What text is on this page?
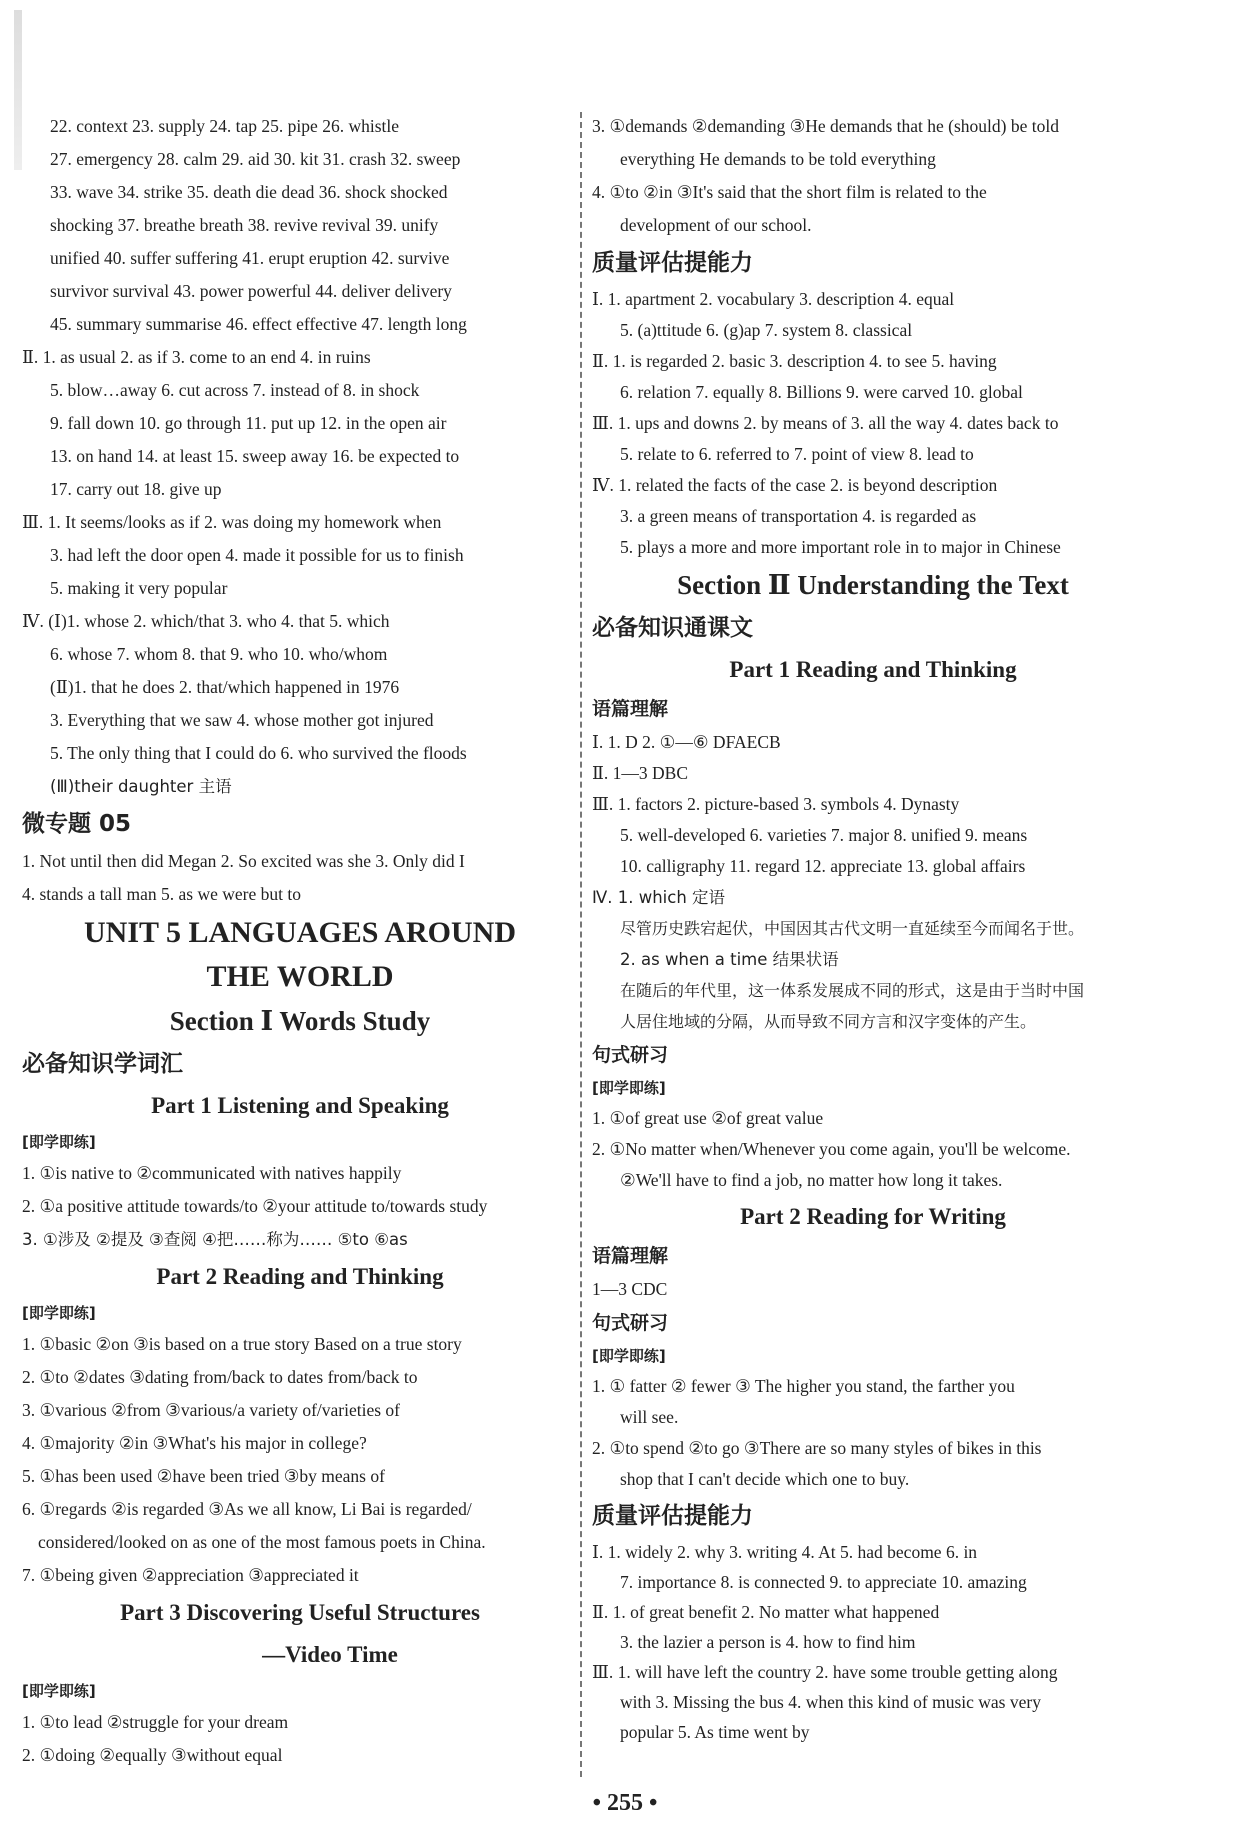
22. context 23. supply 24. tap 25. pipe 26. whistle
27. emergency 28. calm 29. aid 30. kit 31. crash 32. sweep
33. wave 34. strike 35. death die dead 36. shock shocked
shocking 37. breathe breath 38. revive revival 39. unify
unified 40. suffer suffering 41. erupt eruption 42. survive
survivor survival 43. power powerful 44. deliver delivery
45. summary summarise 46. effect effective 47. length long
Ⅱ. 1. as usual 2. as if 3. come to an end 4. in ruins
5. blow…away 6. cut across 7. instead of 8. in shock
9. fall down 10. go through 11. put up 12. in the open air
13. on hand 14. at least 15. sweep away 16. be expected to
17. carry out 18. give up
Ⅲ. 1. It seems/looks as if 2. was doing my homework when
3. had left the door open 4. made it possible for us to finish
5. making it very popular
Ⅳ. (Ⅰ)1. whose 2. which/that 3. who 4. that 5. which
6. whose 7. whom 8. that 9. who 10. who/whom
(Ⅱ)1. that he does 2. that/which happened in 1976
3. Everything that we saw 4. whose mother got injured
5. The only thing that I could do 6. who survived the floods
(Ⅲ)their daughter 主语
微专题 05
1. Not until then did Megan 2. So excited was she 3. Only did I
4. stands a tall man 5. as we were but to
UNIT 5 LANGUAGES AROUND
THE WORLD
Section Ⅰ Words Study
必备知识学词汇
Part 1 Listening and Speaking
[即学即练]
1. ①is native to ②communicated with natives happily
2. ①a positive attitude towards/to ②your attitude to/towards study
3. ①涉及 ②提及 ③查阅 ④把……称为…… ⑤to ⑥as
Part 2 Reading and Thinking
[即学即练]
1. ①basic ②on ③is based on a true story Based on a true story
2. ①to ②dates ③dating from/back to dates from/back to
3. ①various ②from ③various/a variety of/varieties of
4. ①majority ②in ③What's his major in college?
5. ①has been used ②have been tried ③by means of
6. ①regards ②is regarded ③As we all know, Li Bai is regarded/
considered/looked on as one of the most famous poets in China.
7. ①being given ②appreciation ③appreciated it
Part 3 Discovering Useful Structures
—Video Time
[即学即练]
1. ①to lead ②struggle for your dream
2. ①doing ②equally ③without equal
3. ①demands ②demanding ③He demands that he (should) be told
everything He demands to be told everything
4. ①to ②in ③It's said that the short film is related to the
development of our school.
质量评估提能力
Ⅰ. 1. apartment 2. vocabulary 3. description 4. equal
5. (a)ttitude 6. (g)ap 7. system 8. classical
Ⅱ. 1. is regarded 2. basic 3. description 4. to see 5. having
6. relation 7. equally 8. Billions 9. were carved 10. global
Ⅲ. 1. ups and downs 2. by means of 3. all the way 4. dates back to
5. relate to 6. referred to 7. point of view 8. lead to
Ⅳ. 1. related the facts of the case 2. is beyond description
3. a green means of transportation 4. is regarded as
5. plays a more and more important role in to major in Chinese
Section Ⅱ Understanding the Text
必备知识通课文
Part 1 Reading and Thinking
语篇理解
Ⅰ. 1. D 2. ①—⑥ DFAECB
Ⅱ. 1—3 DBC
Ⅲ. 1. factors 2. picture-based 3. symbols 4. Dynasty
5. well-developed 6. varieties 7. major 8. unified 9. means
10. calligraphy 11. regard 12. appreciate 13. global affairs
Ⅳ. 1. which 定语
尽管历史跌宕起伏，中国因其古代文明一直延续至今而闻名于世。
2. as when a time 结果状语
在随后的年代里，这一体系发展成不同的形式，这是由于当时中国
人居住地域的分隔，从而导致不同方言和汉字变体的产生。
句式研习
[即学即练]
1. ①of great use ②of great value
2. ①No matter when/Whenever you come again, you'll be welcome.
②We'll have to find a job, no matter how long it takes.
Part 2 Reading for Writing
语篇理解
1—3 CDC
句式研习
[即学即练]
1. ① fatter ② fewer ③ The higher you stand, the farther you
will see.
2. ①to spend ②to go ③There are so many styles of bikes in this
shop that I can't decide which one to buy.
质量评估提能力
Ⅰ. 1. widely 2. why 3. writing 4. At 5. had become 6. in
7. importance 8. is connected 9. to appreciate 10. amazing
Ⅱ. 1. of great benefit 2. No matter what happened
3. the lazier a person is 4. how to find him
Ⅲ. 1. will have left the country 2. have some trouble getting along
with 3. Missing the bus 4. when this kind of music was very
popular 5. As time went by
• 255 •
